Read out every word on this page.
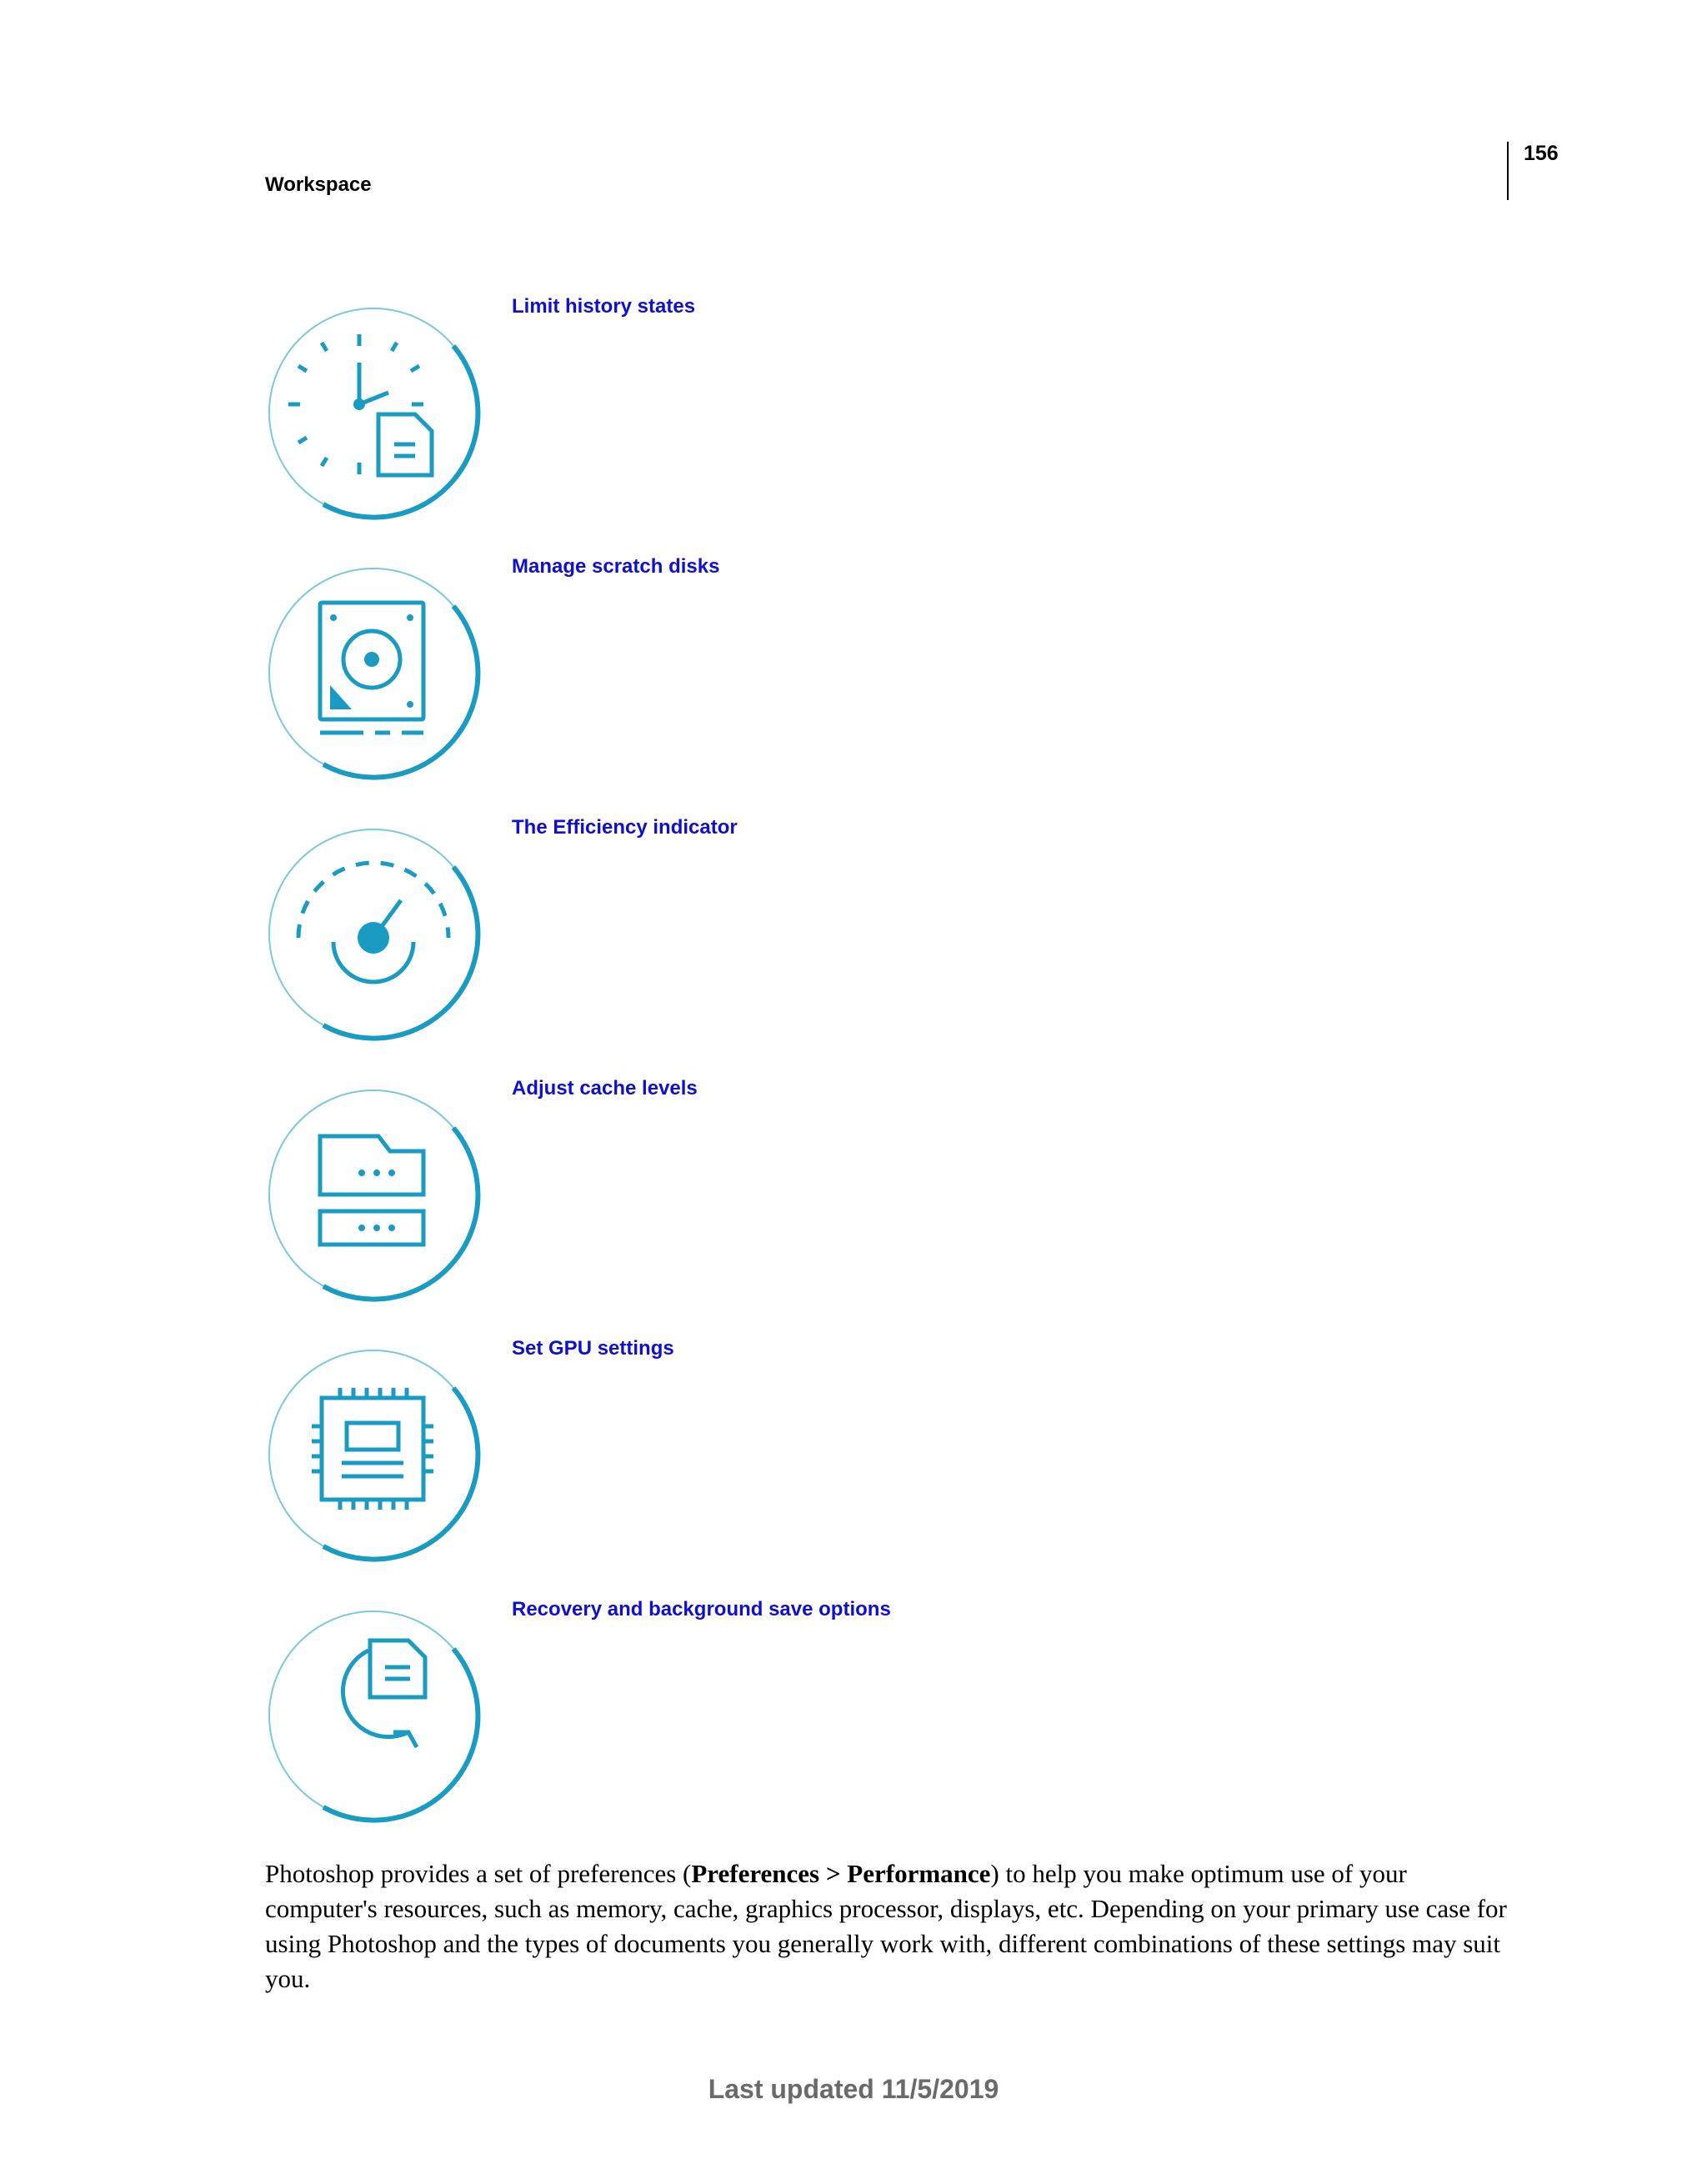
156
Workspace
Limit history states
Manage scratch disks
The Efficiency indicator
Adjust cache levels
Set GPU settings
Recovery and background save options

Photoshop provides a set of preferences (Preferences > Performance) to help you make optimum use of your computer's resources, such as memory, cache, graphics processor, displays, etc. Depending on your primary use case for using Photoshop and the types of documents you generally work with, different combinations of these settings may suit you.

Last updated 11/5/2019
